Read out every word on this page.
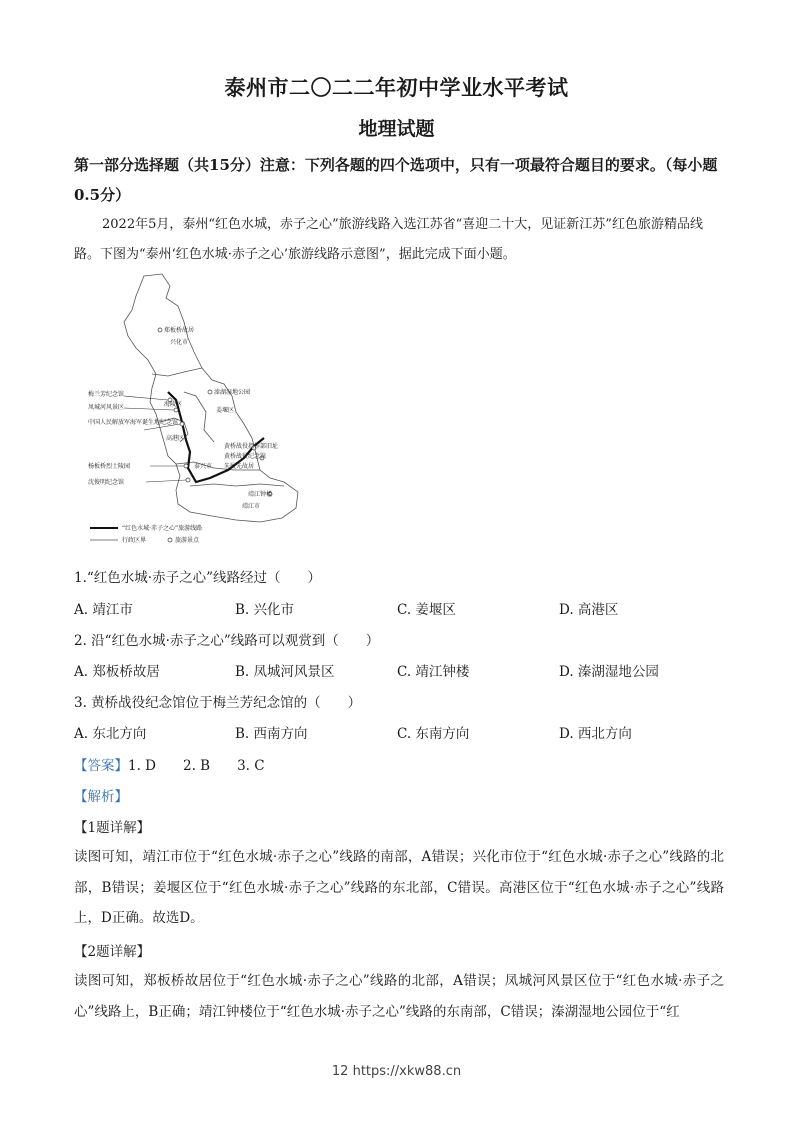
泰州市二〇二二年初中学业水平考试
地理试题
第一部分选择题（共15分）注意：下列各题的四个选项中，只有一项最符合题目的要求。（每小题0.5分）
2022年5月，泰州“红色水城，赤子之心”旅游线路入选江苏省“喜迎二十大，见证新江苏”红色旅游精品线路。下图为“泰州‘红色水城·赤子之心’旅游线路示意图”，据此完成下面小题。
郑板桥故居
兴化市
溱湖湿地公园
梅兰芳纪念馆
凤城河风景区	姜堰区
中国人民解放军海军诞生地纪念馆
海陵区
高港区
杨板桥烈士陵园
黄桥战役指挥部旧址
黄桥战役纪念馆
朱履先故居
泰兴市
沈俊明纪念馆
靖江钟楼
靖江市
“红色水城·赤子之心”旅游线路
行政区界	旅游景点
1.“红色水城·赤子之心”线路经过（　　）
A. 靖江市	B. 兴化市	C. 姜堰区	D. 高港区
2. 沿“红色水城·赤子之心”线路可以观赏到（　　）
A. 郑板桥故居	B. 凤城河风景区	C. 靖江钟楼	D. 溱湖湿地公园
3. 黄桥战役纪念馆位于梅兰芳纪念馆的（　　）
A. 东北方向	B. 西南方向	C. 东南方向	D. 西北方向
【答案】1. D　　2. B　　3. C
【解析】
【1题详解】
读图可知，靖江市位于“红色水城·赤子之心”线路的南部，A错误；兴化市位于“红色水城·赤子之心”线路的北部，B错误；姜堰区位于“红色水城·赤子之心”线路的东北部，C错误。高港区位于“红色水城·赤子之心”线路上，D正确。故选D。
【2题详解】
读图可知，郑板桥故居位于“红色水城·赤子之心”线路的北部，A错误；凤城河风景区位于“红色水城·赤子之心”线路上，B正确；靖江钟楼位于“红色水城·赤子之心”线路的东南部，C错误；溱湖湿地公园位于“红
12 https://xkw88.cn
